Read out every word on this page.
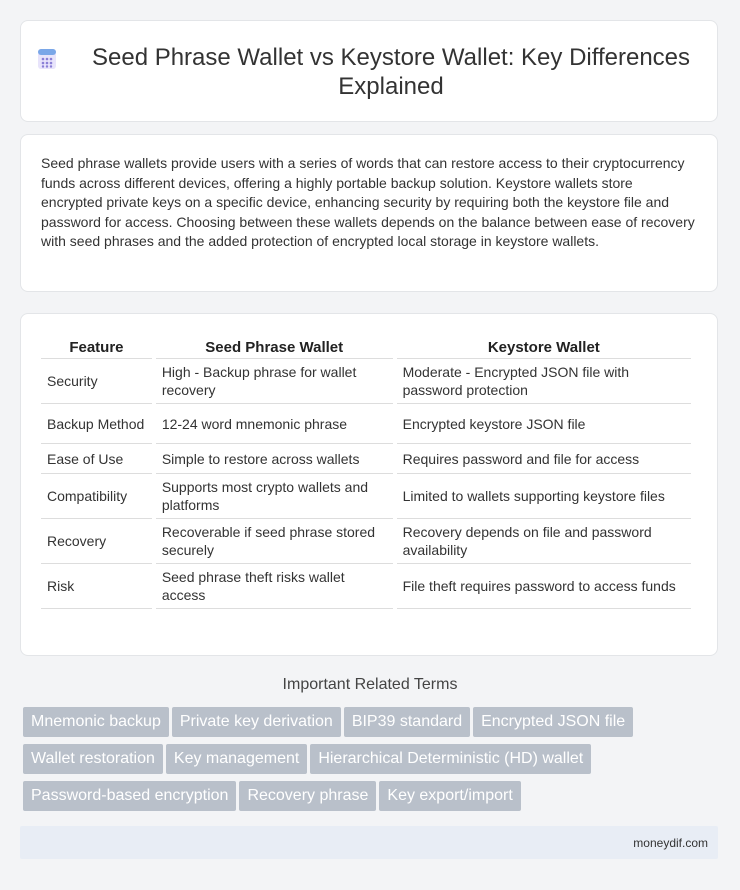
Seed Phrase Wallet vs Keystore Wallet: Key Differences Explained

Seed phrase wallets provide users with a series of words that can restore access to their cryptocurrency funds across different devices, offering a highly portable backup solution. Keystore wallets store encrypted private keys on a specific device, enhancing security by requiring both the keystore file and password for access. Choosing between these wallets depends on the balance between ease of recovery with seed phrases and the added protection of encrypted local storage in keystore wallets.

Feature	Seed Phrase Wallet	Keystore Wallet
Security	High - Backup phrase for wallet recovery	Moderate - Encrypted JSON file with password protection
Backup Method	12-24 word mnemonic phrase	Encrypted keystore JSON file
Ease of Use	Simple to restore across wallets	Requires password and file for access
Compatibility	Supports most crypto wallets and platforms	Limited to wallets supporting keystore files
Recovery	Recoverable if seed phrase stored securely	Recovery depends on file and password availability
Risk	Seed phrase theft risks wallet access	File theft requires password to access funds
Important Related Terms
Mnemonic backup Private key derivation BIP39 standard Encrypted JSON file
Wallet restoration Key management Hierarchical Deterministic (HD) wallet
Password-based encryption Recovery phrase Key export/import
moneydif.com
